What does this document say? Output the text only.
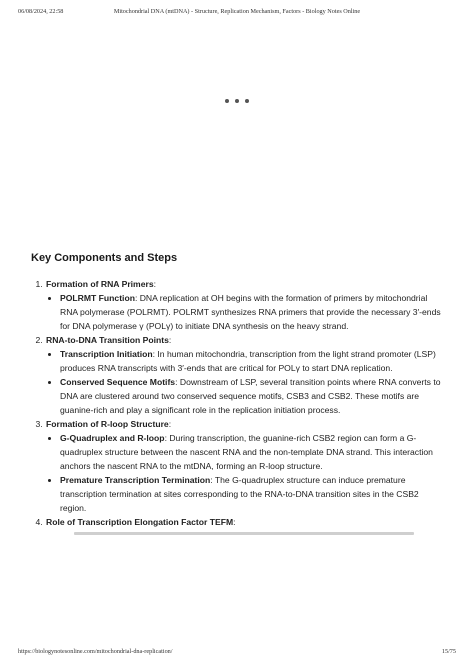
06/08/2024, 22:58	Mitochondrial DNA (mtDNA) - Structure, Replication Mechanism, Factors - Biology Notes Online

Key Components and Steps
1. Formation of RNA Primers:
• POLRMT Function: DNA replication at OH begins with the formation of primers by mitochondrial RNA polymerase (POLRMT). POLRMT synthesizes RNA primers that provide the necessary 3′-ends for DNA polymerase γ (POLγ) to initiate DNA synthesis on the heavy strand.
2. RNA-to-DNA Transition Points:
• Transcription Initiation: In human mitochondria, transcription from the light strand promoter (LSP) produces RNA transcripts with 3′-ends that are critical for POLγ to start DNA replication.
• Conserved Sequence Motifs: Downstream of LSP, several transition points where RNA converts to DNA are clustered around two conserved sequence motifs, CSB3 and CSB2. These motifs are guanine-rich and play a significant role in the replication initiation process.
3. Formation of R-loop Structure:
• G-Quadruplex and R-loop: During transcription, the guanine-rich CSB2 region can form a G-quadruplex structure between the nascent RNA and the non-template DNA strand. This interaction anchors the nascent RNA to the mtDNA, forming an R-loop structure.
• Premature Transcription Termination: The G-quadruplex structure can induce premature transcription termination at sites corresponding to the RNA-to-DNA transition sites in the CSB2 region.
4. Role of Transcription Elongation Factor TEFM:
https://biologynotesonline.com/mitochondrial-dna-replication/	15/75
